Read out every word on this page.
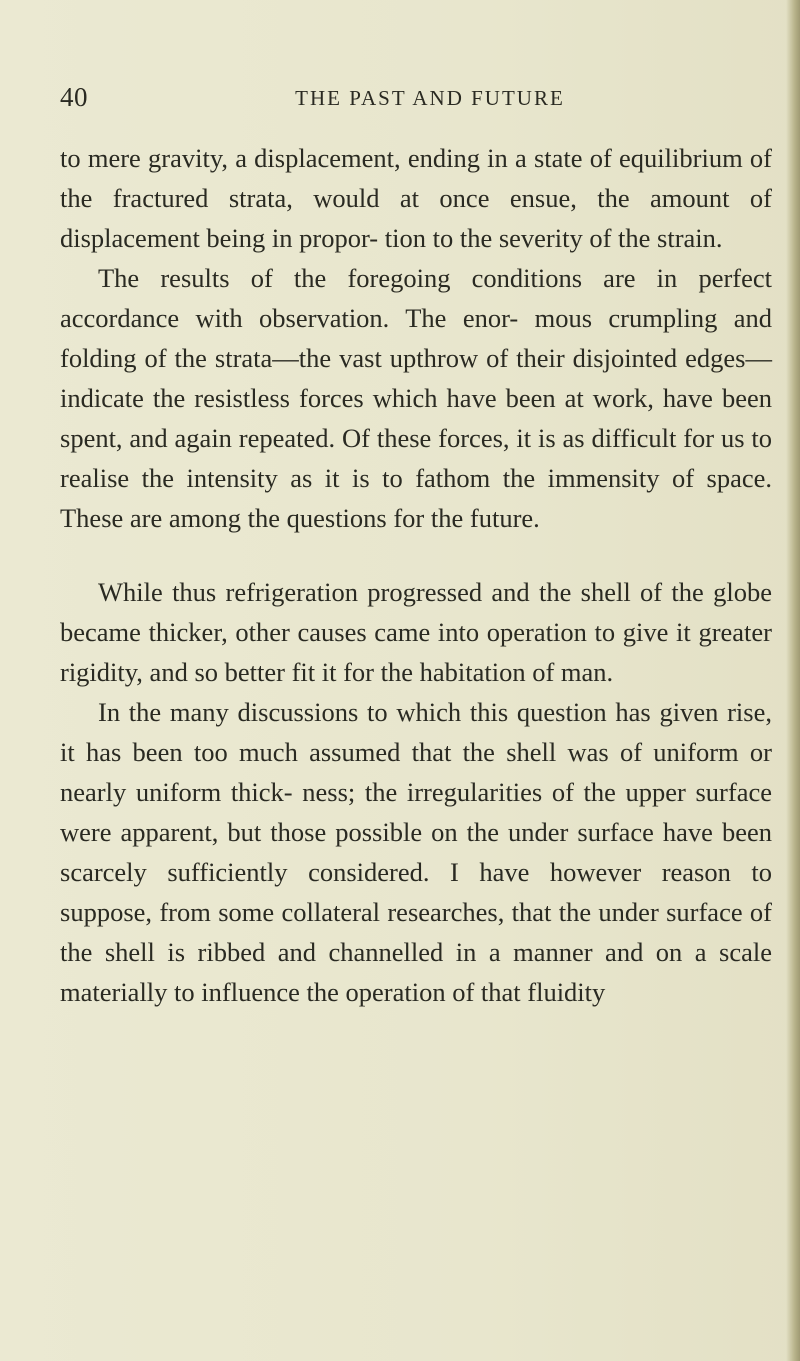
40	THE PAST AND FUTURE

to mere gravity, a displacement, ending in a state of equilibrium of the fractured strata, would at once ensue, the amount of displacement being in propor- tion to the severity of the strain.

The results of the foregoing conditions are in perfect accordance with observation. The enor- mous crumpling and folding of the strata—the vast upthrow of their disjointed edges—indicate the resistless forces which have been at work, have been spent, and again repeated. Of these forces, it is as difficult for us to realise the intensity as it is to fathom the immensity of space. These are among the questions for the future.

While thus refrigeration progressed and the shell of the globe became thicker, other causes came into operation to give it greater rigidity, and so better fit it for the habitation of man.

In the many discussions to which this question has given rise, it has been too much assumed that the shell was of uniform or nearly uniform thick- ness; the irregularities of the upper surface were apparent, but those possible on the under surface have been scarcely sufficiently considered. I have however reason to suppose, from some collateral researches, that the under surface of the shell is ribbed and channelled in a manner and on a scale materially to influence the operation of that fluidity
